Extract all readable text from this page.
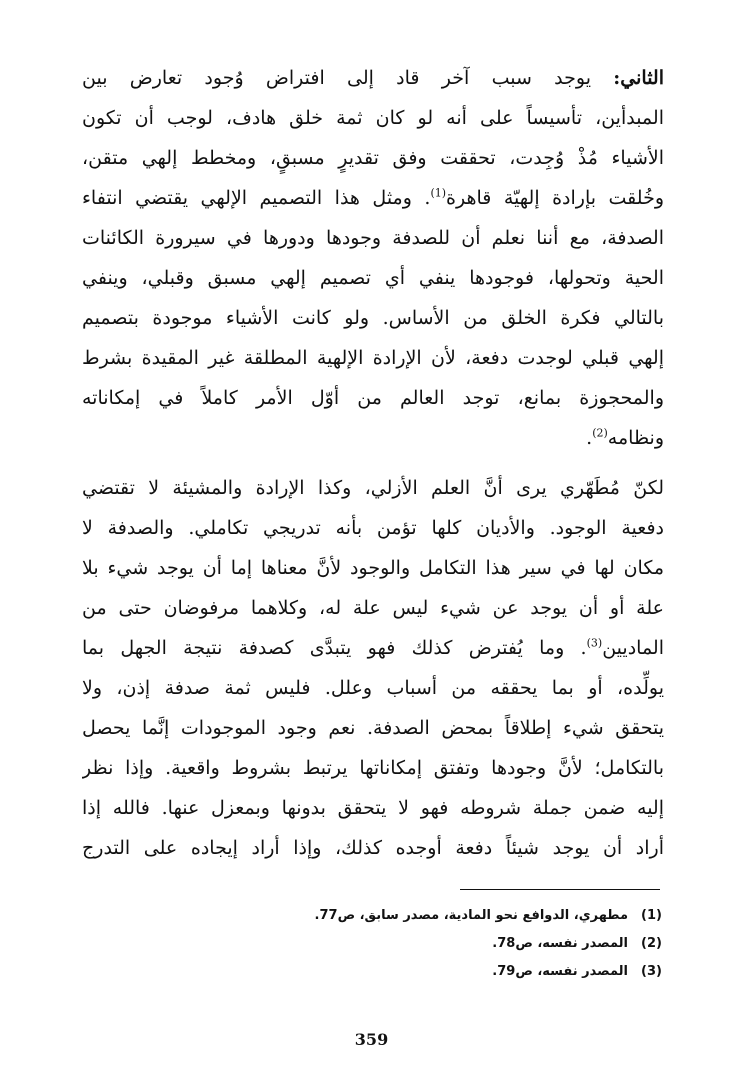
الثاني: يوجد سبب آخر قاد إلى افتراض وُجود تعارض بين
المبدأين، تأسيساً على أنه لو كان ثمة خلق هادف، لوجب أن تكون
الأشياء مُذْ وُجِدت، تحققت وفق تقديرٍ مسبقٍ، ومخطط إلهي متقن،
وخُلقت بإرادة إلهيّة قاهرة$^{(1)}$. ومثل هذا التصميم الإلهي يقتضي انتفاء
الصدفة، مع أننا نعلم أن للصدفة وجودها ودورها في سيرورة الكائنات
الحية وتحولها، فوجودها ينفي أي تصميم إلهي مسبق وقبلي، وينفي
بالتالي فكرة الخلق من الأساس. ولو كانت الأشياء موجودة بتصميم
إلهي قبلي لوجدت دفعة، لأن الإرادة الإلهية المطلقة غير المقيدة بشرط
والمحجوزة بمانع، توجد العالم من أوّل الأمر كاملاً في إمكاناته
ونظامه$^{(2)}$.
لكنّ مُطَهّري يرى أنَّ العلم الأزلي، وكذا الإرادة والمشيئة لا تقتضي
دفعية الوجود. والأديان كلها تؤمن بأنه تدريجي تكاملي. والصدفة لا
مكان لها في سير هذا التكامل والوجود لأنَّ معناها إما أن يوجد شيء بلا
علة أو أن يوجد عن شيء ليس علة له، وكلاهما مرفوضان حتى من
الماديين$^{(3)}$. وما يُفترض كذلك فهو يتبدَّى كصدفة نتيجة الجهل بما
يولِّده، أو بما يحققه من أسباب وعلل. فليس ثمة صدفة إذن، ولا
يتحقق شيء إطلاقاً بمحض الصدفة. نعم وجود الموجودات إنَّما يحصل
بالتكامل؛ لأنَّ وجودها وتفتق إمكاناتها يرتبط بشروط واقعية. وإذا نظر
إليه ضمن جملة شروطه فهو لا يتحقق بدونها وبمعزل عنها. فالله إذا
أراد أن يوجد شيئاً دفعة أوجده كذلك، وإذا أراد إيجاده على التدرج
(1)مطهري، الدوافع نحو المادية، مصدر سابق، ص77.
(2)المصدر نفسه، ص78.
(3)المصدر نفسه، ص79.
359
